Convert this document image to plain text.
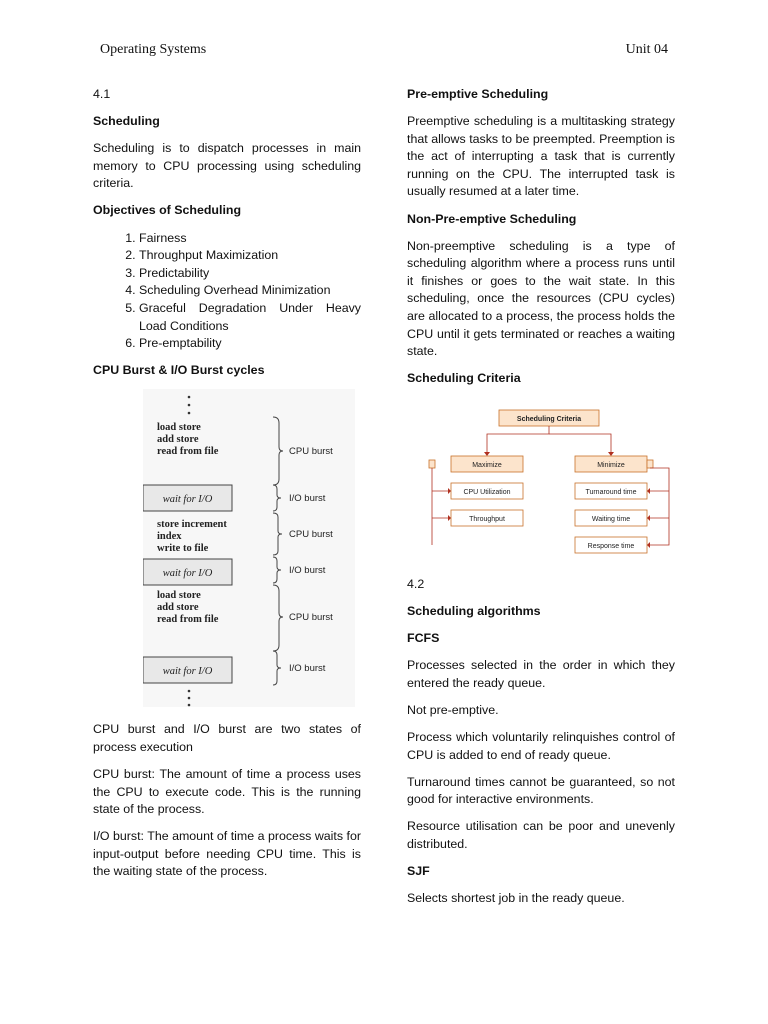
Operating Systems	Unit 04

4.1

Scheduling

Scheduling is to dispatch processes in main memory to CPU processing using scheduling criteria.

Objectives of Scheduling
1. Fairness
2. Throughput Maximization
3. Predictability
4. Scheduling Overhead Minimization
5. Graceful Degradation Under Heavy Load Conditions
6. Pre-emptability
CPU Burst & I/O Burst cycles
load store
add store
read from file
wait for I/O
store increment
index
write to file
wait for I/O
load store
add store
read from file
wait for I/O
CPU burst
I/O burst
CPU burst
I/O burst
CPU burst
I/O burst

CPU burst and I/O burst are two states of process execution

CPU burst: The amount of time a process uses the CPU to execute code. This is the running state of the process.

I/O burst: The amount of time a process waits for input-output before needing CPU time. This is the waiting state of the process.

Pre-emptive Scheduling

Preemptive scheduling is a multitasking strategy that allows tasks to be preempted. Preemption is the act of interrupting a task that is currently running on the CPU. The interrupted task is usually resumed at a later time.

Non-Pre-emptive Scheduling

Non-preemptive scheduling is a type of scheduling algorithm where a process runs until it finishes or goes to the wait state. In this scheduling, once the resources (CPU cycles) are allocated to a process, the process holds the CPU until it gets terminated or reaches a waiting state.

Scheduling Criteria
Scheduling Criteria
Maximize	Minimize
CPU Utilization
Throughput
Turnaround time
Waiting time
Response time

4.2

Scheduling algorithms
FCFS

Processes selected in the order in which they entered the ready queue.

Not pre-emptive.

Process which voluntarily relinquishes control of CPU is added to end of ready queue.

Turnaround times cannot be guaranteed, so not good for interactive environments.

Resource utilisation can be poor and unevenly distributed.

SJF

Selects shortest job in the ready queue.
